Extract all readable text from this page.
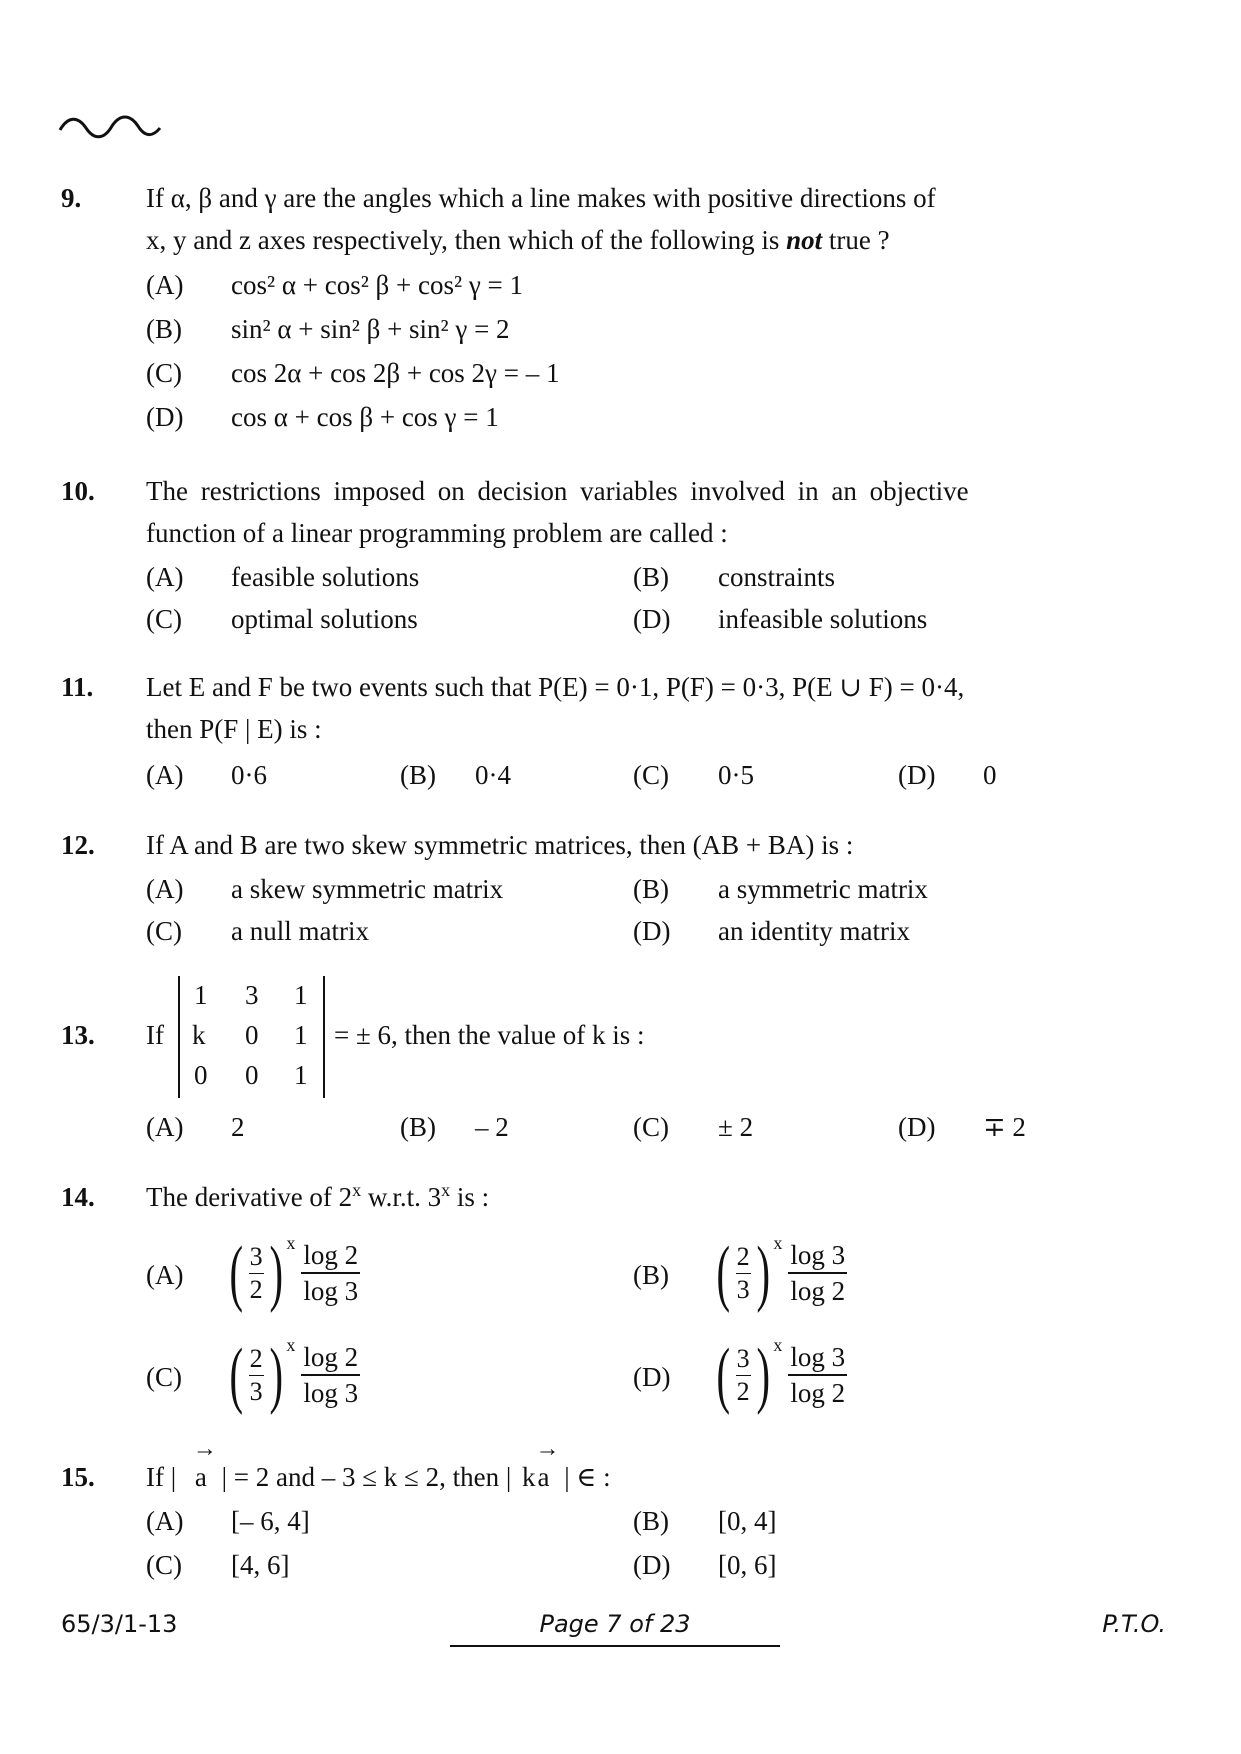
9. If α, β and γ are the angles which a line makes with positive directions of
x, y and z axes respectively, then which of the following is not true ?
(A) cos² α + cos² β + cos² γ = 1
(B) sin² α + sin² β + sin² γ = 2
(C) cos 2α + cos 2β + cos 2γ = – 1
(D) cos α + cos β + cos γ = 1
10. The restrictions imposed on decision variables involved in an objective
function of a linear programming problem are called :
(A) feasible solutions	(B) constraints
(C) optimal solutions	(D) infeasible solutions
11. Let E and F be two events such that P(E) = 0·1, P(F) = 0·3, P(E ∪ F) = 0·4,
then P(F | E) is :
(A) 0·6	(B) 0·4	(C) 0·5	(D) 0
12. If A and B are two skew symmetric matrices, then (AB + BA) is :
(A) a skew symmetric matrix	(B) a symmetric matrix
(C) a null matrix	(D) an identity matrix
13. If
1 3 1
k 0 1
0 0 1
= ± 6, then the value of k is :
(A) 2	(B) – 2	(C) ± 2	(D) ∓ 2
14. The derivative of 2$^x$ w.r.t. 3$^x$ is :
(A) ( $\frac{3}{2}$ ) x $\frac{\log 2}{\log 3}$	(B) ( $\frac{2}{3}$ ) x $\frac{\log 3}{\log 2}$
(C) ( $\frac{2}{3}$ ) x $\frac{\log 2}{\log 3}$	(D) ( $\frac{3}{2}$ ) x $\frac{\log 3}{\log 2}$
15. If |
→
a | = 2 and – 3 ≤ k ≤ 2, then | k
→
a | ∈ :
(A) [– 6, 4]	(B) [0, 4]
(C) [4, 6]	(D) [0, 6]
65/3/1-13	Page 7 of 23	P.T.O.
